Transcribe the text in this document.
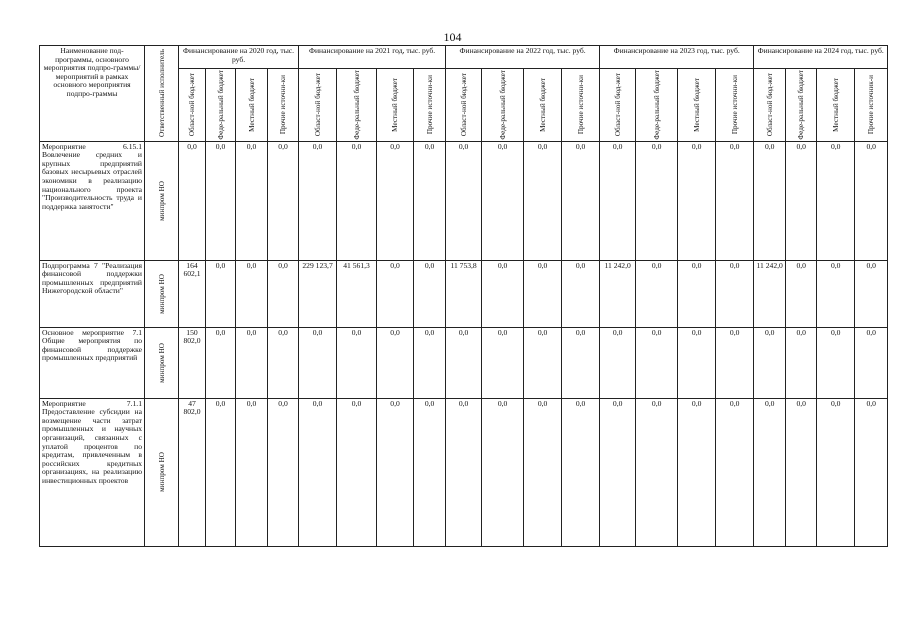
104
Наименование под-программы, основного мероприятия подпро-граммы/мероприятий в рамках основного мероприятия подпро-граммы	Ответственный исполнитель	Финансирование на 2020 год, тыс. руб.				Финансирование на 2021 год, тыс. руб.				Финансирование на 2022 год, тыс. руб.				Финансирование на 2023 год, тыс. руб.				Финансирование на 2024 год, тыс. руб.			

		Област-ной бюд-жет	Феде-ральный бюджет	Местный бюджет	Прочие источни-ки	Област-ной бюд-жет	Феде-ральный бюджет	Местный бюджет	Прочие источни-ки	Област-ной бюд-жет	Феде-ральный бюджет	Местный бюджет	Прочие источни-ки	Област-ной бюд-жет	Феде-ральный бюджет	Местный бюджет	Прочие источни-ки	Област-ной бюд-жет	Феде-ральный бюджет	Местный бюджет	Прочие источник-и

Мероприятие 6.15.1 Вовлечение средних и крупных предприятий базовых несырьевых отраслей экономики в реализацию национального проекта "Производительность труда и поддержка занятости"	минпром НО	0,0	0,0	0,0	0,0	0,0	0,0	0,0	0,0	0,0	0,0	0,0	0,0	0,0	0,0	0,0	0,0	0,0	0,0	0,0	0,0
Подпрограмма 7 "Реализация финансовой поддержки промышленных предприятий Нижегородской области"	минпром НО	164 602,1	0,0	0,0	0,0	229 123,7	41 561,3	0,0	0,0	11 753,8	0,0	0,0	0,0	11 242,0	0,0	0,0	0,0	11 242,0	0,0	0,0	0,0
Основное мероприятие 7.1 Общие мероприятия по финансовой поддержке промышленных предприятий	минпром НО	150 802,0	0,0	0,0	0,0	0,0	0,0	0,0	0,0	0,0	0,0	0,0	0,0	0,0	0,0	0,0	0,0	0,0	0,0	0,0	0,0
Мероприятие 7.1.1 Предоставление субсидии на возмещение части затрат промышленных и научных организаций, связанных с уплатой процентов по кредитам, привлеченным в российских кредитных организациях, на реализацию инвестиционных проектов	минпром НО	47 802,0	0,0	0,0	0,0	0,0	0,0	0,0	0,0	0,0	0,0	0,0	0,0	0,0	0,0	0,0	0,0	0,0	0,0	0,0	0,0
